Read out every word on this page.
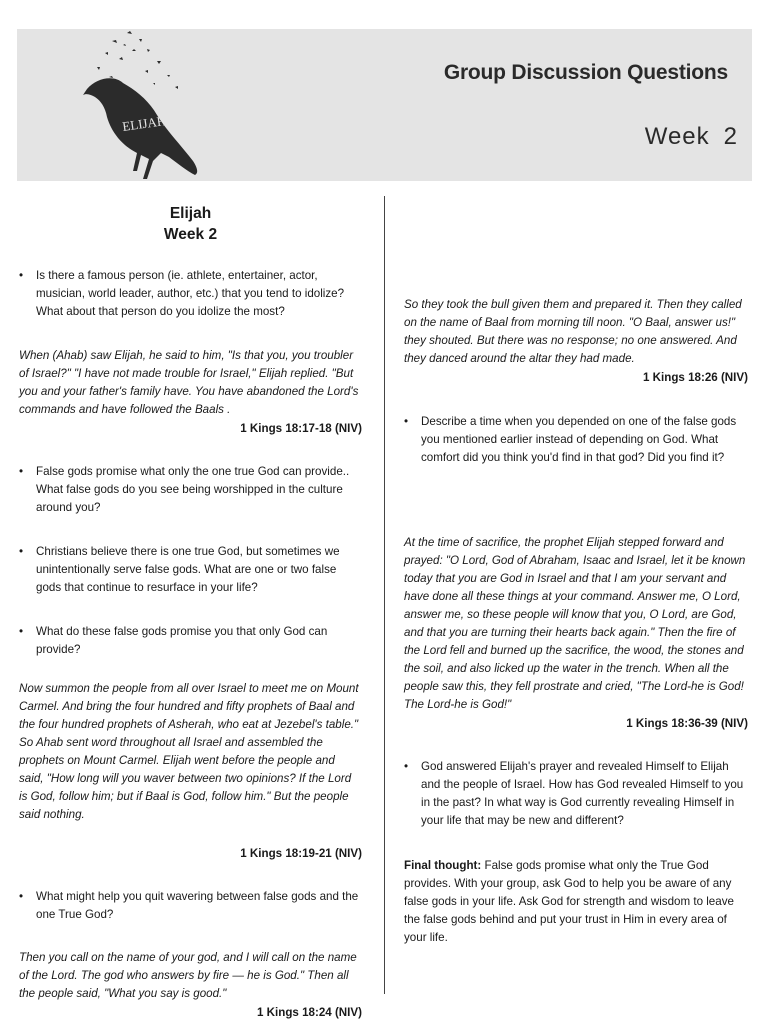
ELIJAH
Group Discussion Questions
Week 2
Elijah
Week 2
• Is there a famous person (ie. athlete, entertainer, actor, musician, world leader, author, etc.) that you tend to idolize? What about that person do you idolize the most?
When (Ahab) saw Elijah, he said to him, "Is that you, you troubler of Israel?" "I have not made trouble for Israel," Elijah replied. "But you and your father's family have. You have abandoned the Lord's commands and have followed the Baals .
1 Kings 18:17-18 (NIV)
• False gods promise what only the one true God can provide.. What false gods do you see being worshipped in the culture around you?
• Christians believe there is one true God, but sometimes we unintentionally serve false gods. What are one or two false gods that continue to resurface in your life?
• What do these false gods promise you that only God can provide?
Now summon the people from all over Israel to meet me on Mount Carmel. And bring the four hundred and fifty prophets of Baal and the four hundred prophets of Asherah, who eat at Jezebel's table." So Ahab sent word throughout all Israel and assembled the prophets on Mount Carmel. Elijah went before the people and said, "How long will you waver between two opinions? If the Lord is God, follow him; but if Baal is God, follow him." But the people said nothing.
1 Kings 18:19-21 (NIV)
• What might help you quit wavering between false gods and the one True God?
Then you call on the name of your god, and I will call on the name of the Lord. The god who answers by fire — he is God." Then all the people said, "What you say is good."
1 Kings 18:24 (NIV)
So they took the bull given them and prepared it. Then they called on the name of Baal from morning till noon. "O Baal, answer us!" they shouted. But there was no response; no one answered. And they danced around the altar they had made.
1 Kings 18:26 (NIV)
• Describe a time when you depended on one of the false gods you mentioned earlier instead of depending on God. What comfort did you think you'd find in that god? Did you find it?
At the time of sacrifice, the prophet Elijah stepped forward and prayed: "O Lord, God of Abraham, Isaac and Israel, let it be known today that you are God in Israel and that I am your servant and have done all these things at your command. Answer me, O Lord, answer me, so these people will know that you, O Lord, are God, and that you are turning their hearts back again." Then the fire of the Lord fell and burned up the sacrifice, the wood, the stones and the soil, and also licked up the water in the trench. When all the people saw this, they fell prostrate and cried, "The Lord-he is God! The Lord-he is God!"
1 Kings 18:36-39 (NIV)
• God answered Elijah's prayer and revealed Himself to Elijah and the people of Israel. How has God revealed Himself to you in the past? In what way is God currently revealing Himself in your life that may be new and different?
Final thought: False gods promise what only the True God provides. With your group, ask God to help you be aware of any false gods in your life. Ask God for strength and wisdom to leave the false gods behind and put your trust in Him in every area of your life.
